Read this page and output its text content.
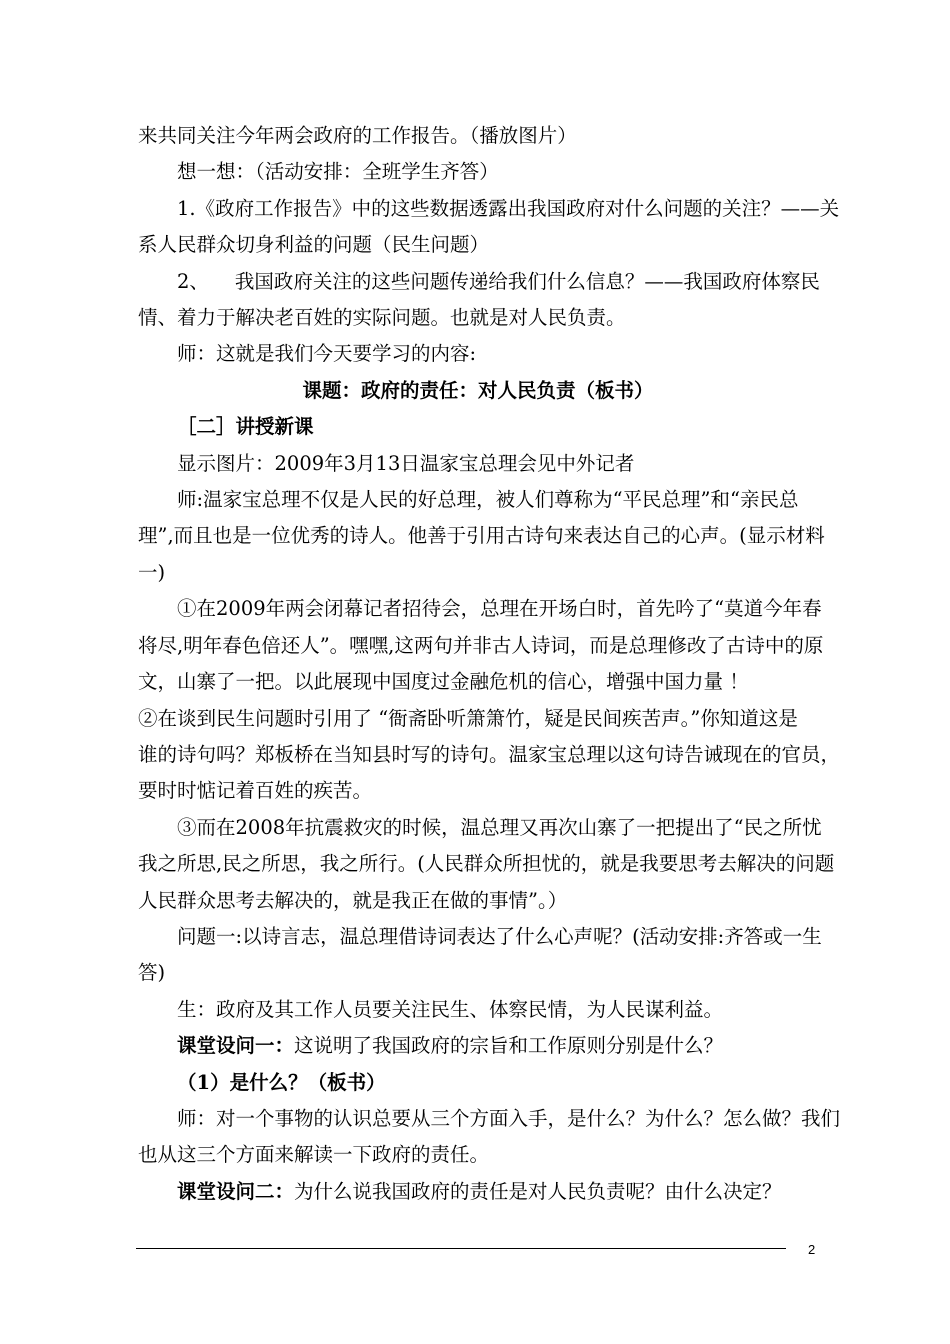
来共同关注今年两会政府的工作报告。（播放图片）
想一想：（活动安排：全班学生齐答）
1.《政府工作报告》中的这些数据透露出我国政府对什么问题的关注？——关
系人民群众切身利益的问题（民生问题）
2、 我国政府关注的这些问题传递给我们什么信息？——我国政府体察民
情、着力于解决老百姓的实际问题。也就是对人民负责。
师：这就是我们今天要学习的内容:
课题：政府的责任：对人民负责（板书）
［二］讲授新课
显示图片：2009年3月13日温家宝总理会见中外记者
师:温家宝总理不仅是人民的好总理，被人们尊称为“平民总理”和“亲民总
理”,而且也是一位优秀的诗人。他善于引用古诗句来表达自己的心声。(显示材料
一)
①在2009年两会闭幕记者招待会，总理在开场白时，首先吟了“莫道今年春
将尽,明年春色倍还人”。嘿嘿,这两句并非古人诗词，而是总理修改了古诗中的原
文，山寨了一把。以此展现中国度过金融危机的信心，增强中国力量 ！
②在谈到民生问题时引用了 “衙斋卧听箫箫竹，疑是民间疾苦声。”你知道这是
谁的诗句吗？郑板桥在当知县时写的诗句。温家宝总理以这句诗告诫现在的官员，
要时时惦记着百姓的疾苦。
③而在2008年抗震救灾的时候，温总理又再次山寨了一把提出了“民之所忧
我之所思,民之所思，我之所行。(人民群众所担忧的，就是我要思考去解决的问题
人民群众思考去解决的，就是我正在做的事情”。）
问题一:以诗言志，温总理借诗词表达了什么心声呢？(活动安排:齐答或一生
答)
生：政府及其工作人员要关注民生、体察民情，为人民谋利益。
课堂设问一：这说明了我国政府的宗旨和工作原则分别是什么？
（1）是什么？（板书）
师：对一个事物的认识总要从三个方面入手，是什么？为什么？怎么做？我们
也从这三个方面来解读一下政府的责任。
课堂设问二：为什么说我国政府的责任是对人民负责呢？由什么决定？
2
